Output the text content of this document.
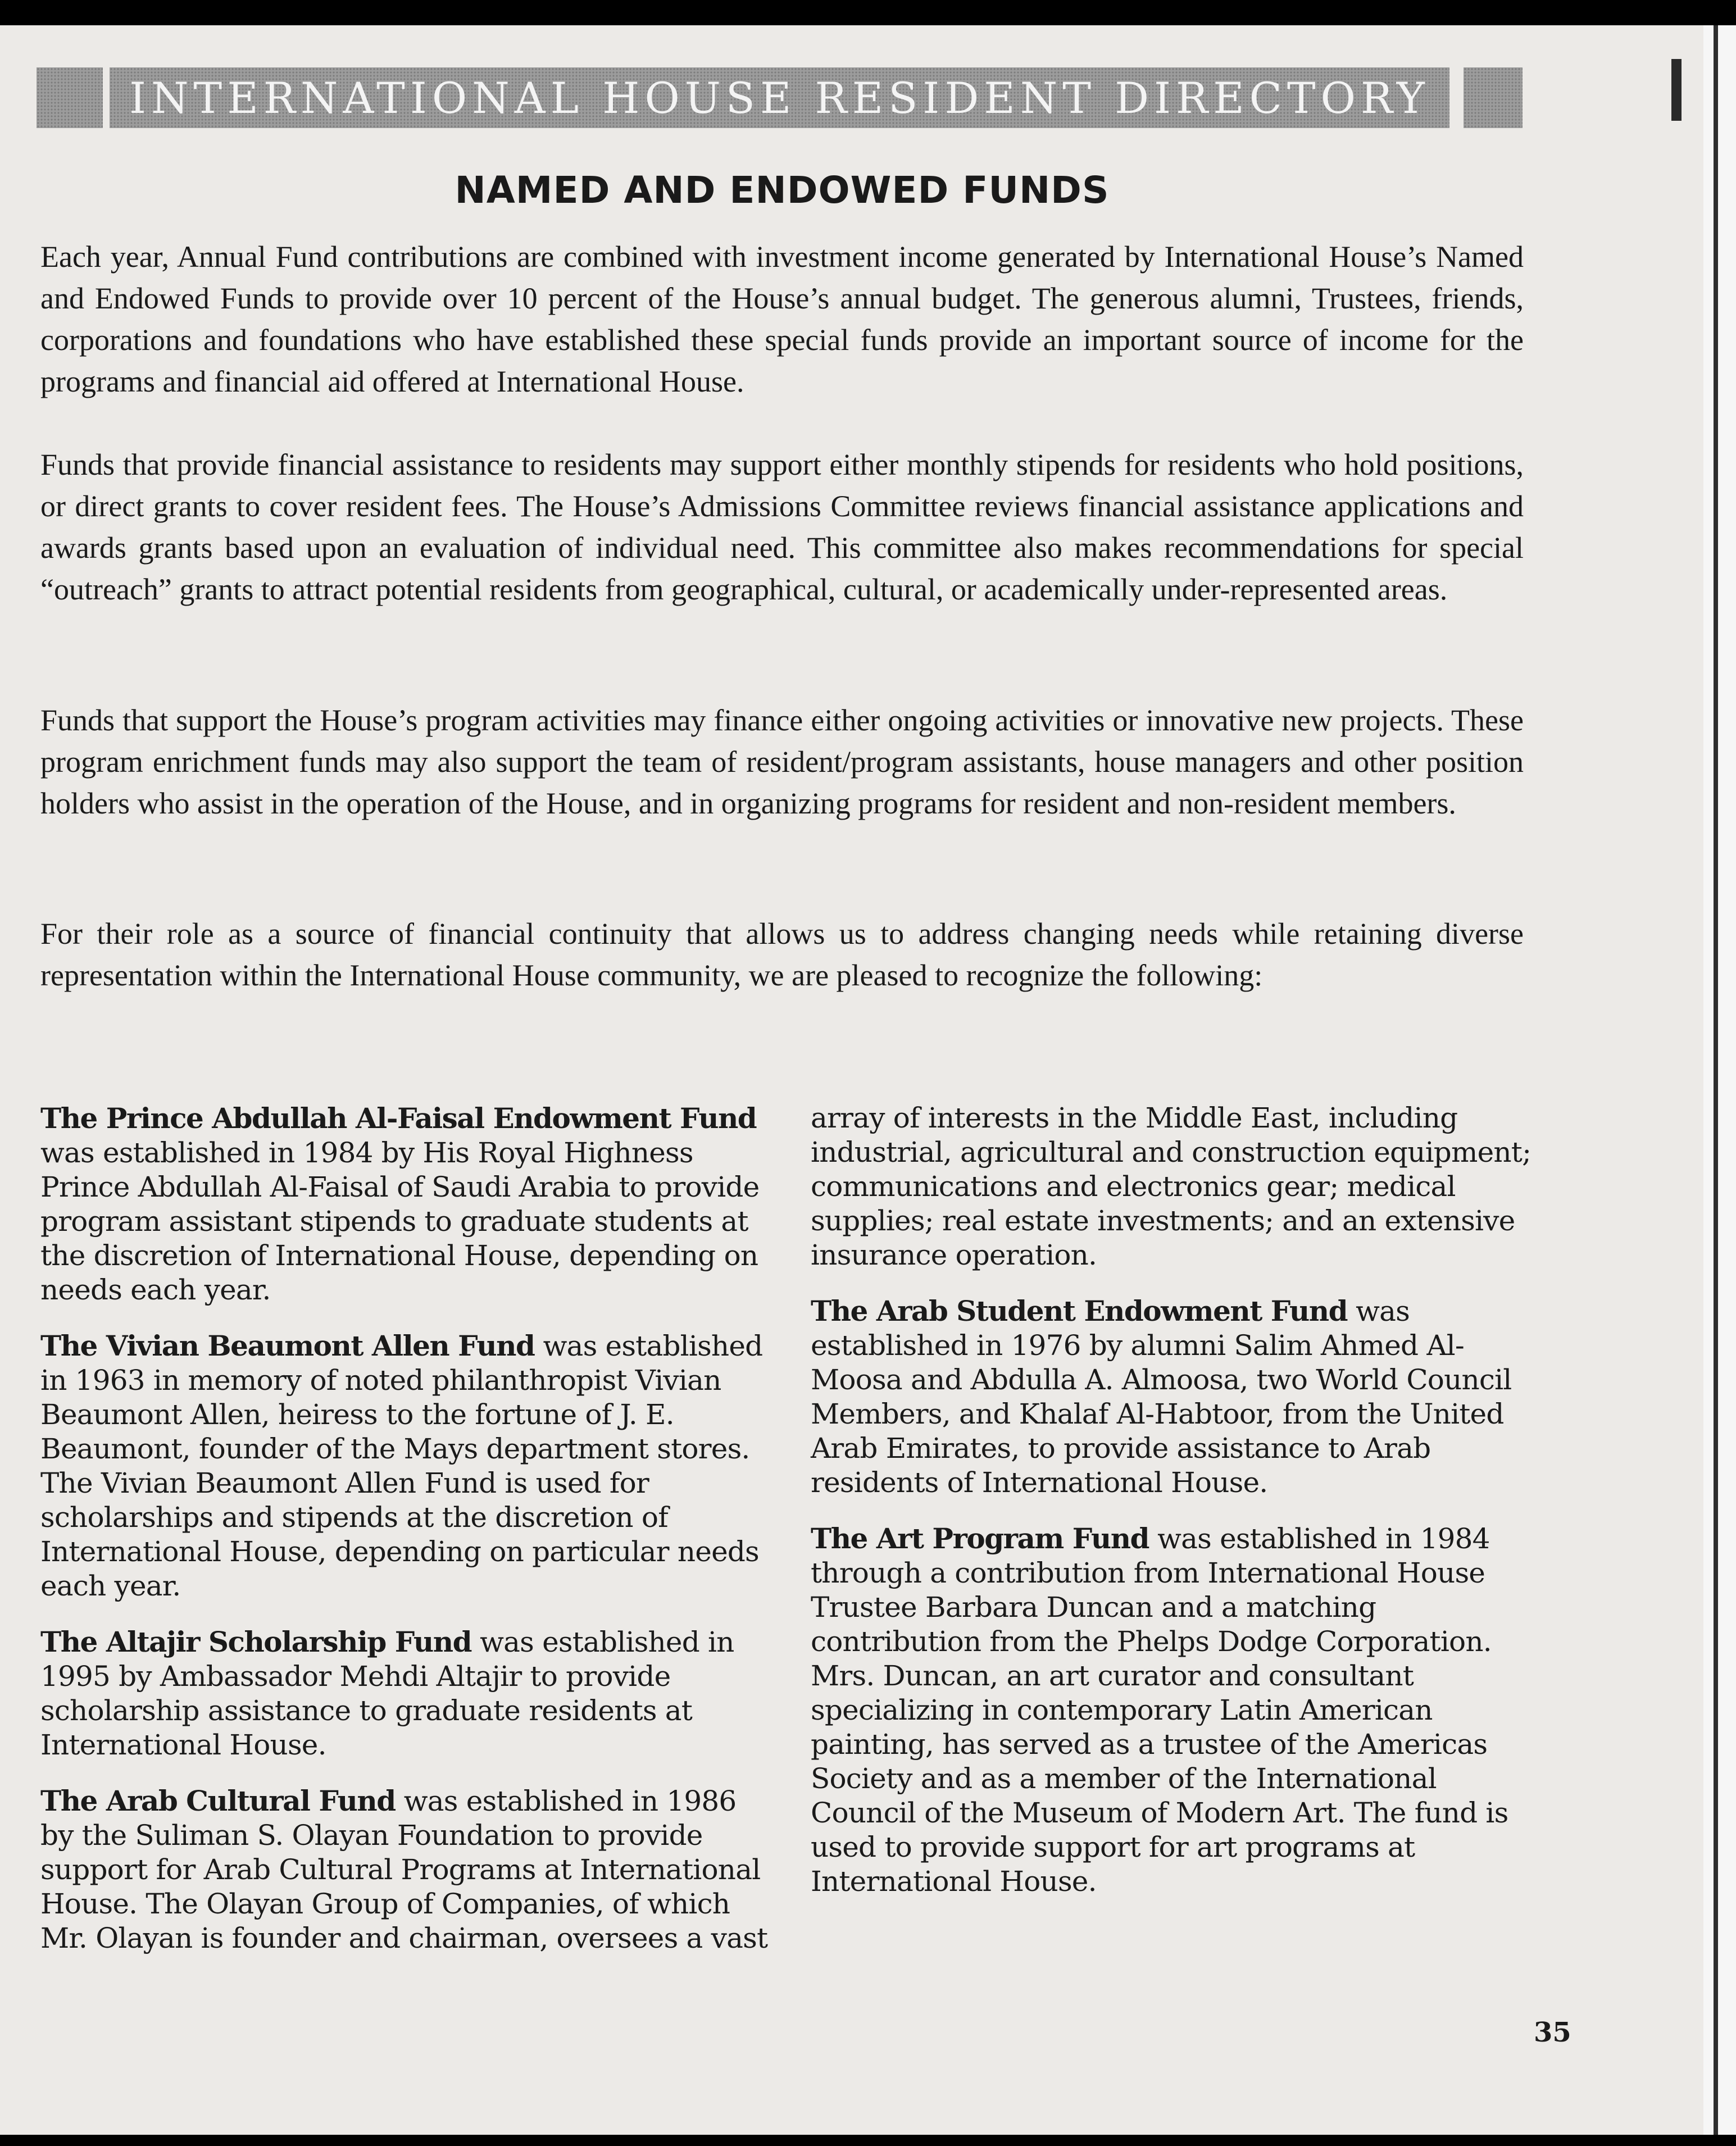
INTERNATIONAL HOUSE RESIDENT DIRECTORY
NAMED AND ENDOWED FUNDS

Each year, Annual Fund contributions are combined with investment income generated by International House’s Named and Endowed Funds to provide over 10 percent of the House’s annual budget. The generous alumni, Trustees, friends, corporations and foundations who have established these special funds provide an important source of income for the programs and financial aid offered at International House.

Funds that provide financial assistance to residents may support either monthly stipends for residents who hold positions, or direct grants to cover resident fees. The House’s Admissions Committee reviews financial assistance applications and awards grants based upon an evaluation of individual need. This committee also makes recommendations for special “outreach” grants to attract potential residents from geographical, cultural, or academically under-represented areas.

Funds that support the House’s program activities may finance either ongoing activities or innovative new projects. These program enrichment funds may also support the team of resident/program assistants, house managers and other position holders who assist in the operation of the House, and in organizing programs for resident and non-resident members.

For their role as a source of financial continuity that allows us to address changing needs while retaining diverse representation within the International House community, we are pleased to recognize the following:

The Prince Abdullah Al-Faisal Endowment Fund was established in 1984 by His Royal Highness Prince Abdullah Al-Faisal of Saudi Arabia to provide program assistant stipends to graduate students at the discretion of International House, depending on needs each year.

The Vivian Beaumont Allen Fund was established in 1963 in memory of noted philanthropist Vivian Beaumont Allen, heiress to the fortune of J. E. Beaumont, founder of the Mays department stores. The Vivian Beaumont Allen Fund is used for scholarships and stipends at the discretion of International House, depending on particular needs each year.

The Altajir Scholarship Fund was established in 1995 by Ambassador Mehdi Altajir to provide scholarship assistance to graduate residents at International House.

The Arab Cultural Fund was established in 1986 by the Suliman S. Olayan Foundation to provide support for Arab Cultural Programs at International House. The Olayan Group of Companies, of which Mr. Olayan is founder and chairman, oversees a vast

array of interests in the Middle East, including industrial, agricultural and construction equipment; communications and electronics gear; medical supplies; real estate investments; and an extensive insurance operation.

The Arab Student Endowment Fund was established in 1976 by alumni Salim Ahmed Al-Moosa and Abdulla A. Almoosa, two World Council Members, and Khalaf Al-Habtoor, from the United Arab Emirates, to provide assistance to Arab residents of International House.

The Art Program Fund was established in 1984 through a contribution from International House Trustee Barbara Duncan and a matching contribution from the Phelps Dodge Corporation. Mrs. Duncan, an art curator and consultant specializing in contemporary Latin American painting, has served as a trustee of the Americas Society and as a member of the International Council of the Museum of Modern Art. The fund is used to provide support for art programs at International House.

35
